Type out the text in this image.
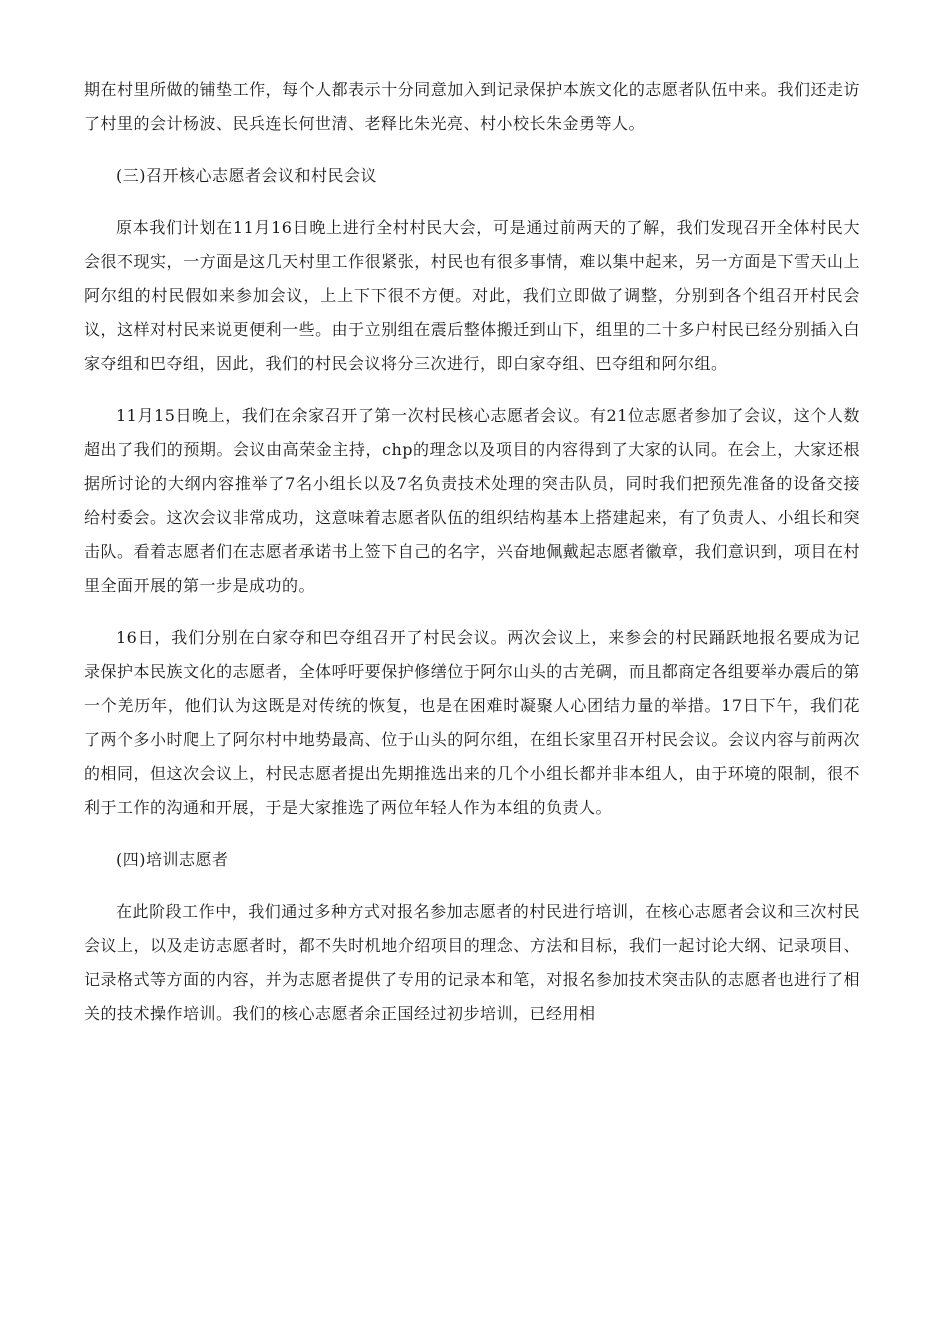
期在村里所做的铺垫工作，每个人都表示十分同意加入到记录保护本族文化的志愿者队伍中来。我们还走访了村里的会计杨波、民兵连长何世清、老释比朱光亮、村小校长朱金勇等人。

(三)召开核心志愿者会议和村民会议

原本我们计划在11月16日晚上进行全村村民大会，可是通过前两天的了解，我们发现召开全体村民大会很不现实，一方面是这几天村里工作很紧张，村民也有很多事情，难以集中起来，另一方面是下雪天山上阿尔组的村民假如来参加会议，上上下下很不方便。对此，我们立即做了调整，分别到各个组召开村民会议，这样对村民来说更便利一些。由于立别组在震后整体搬迁到山下，组里的二十多户村民已经分别插入白家夺组和巴夺组，因此，我们的村民会议将分三次进行，即白家夺组、巴夺组和阿尔组。

11月15日晚上，我们在余家召开了第一次村民核心志愿者会议。有21位志愿者参加了会议，这个人数超出了我们的预期。会议由高荣金主持，chp的理念以及项目的内容得到了大家的认同。在会上，大家还根据所讨论的大纲内容推举了7名小组长以及7名负责技术处理的突击队员，同时我们把预先准备的设备交接给村委会。这次会议非常成功，这意味着志愿者队伍的组织结构基本上搭建起来，有了负责人、小组长和突击队。看着志愿者们在志愿者承诺书上签下自己的名字，兴奋地佩戴起志愿者徽章，我们意识到，项目在村里全面开展的第一步是成功的。

16日，我们分别在白家夺和巴夺组召开了村民会议。两次会议上，来参会的村民踊跃地报名要成为记录保护本民族文化的志愿者，全体呼吁要保护修缮位于阿尔山头的古羌碉，而且都商定各组要举办震后的第一个羌历年，他们认为这既是对传统的恢复，也是在困难时凝聚人心团结力量的举措。17日下午，我们花了两个多小时爬上了阿尔村中地势最高、位于山头的阿尔组，在组长家里召开村民会议。会议内容与前两次的相同，但这次会议上，村民志愿者提出先期推选出来的几个小组长都并非本组人，由于环境的限制，很不利于工作的沟通和开展，于是大家推选了两位年轻人作为本组的负责人。

(四)培训志愿者

在此阶段工作中，我们通过多种方式对报名参加志愿者的村民进行培训，在核心志愿者会议和三次村民会议上，以及走访志愿者时，都不失时机地介绍项目的理念、方法和目标，我们一起讨论大纲、记录项目、记录格式等方面的内容，并为志愿者提供了专用的记录本和笔，对报名参加技术突击队的志愿者也进行了相关的技术操作培训。我们的核心志愿者余正国经过初步培训，已经用相
